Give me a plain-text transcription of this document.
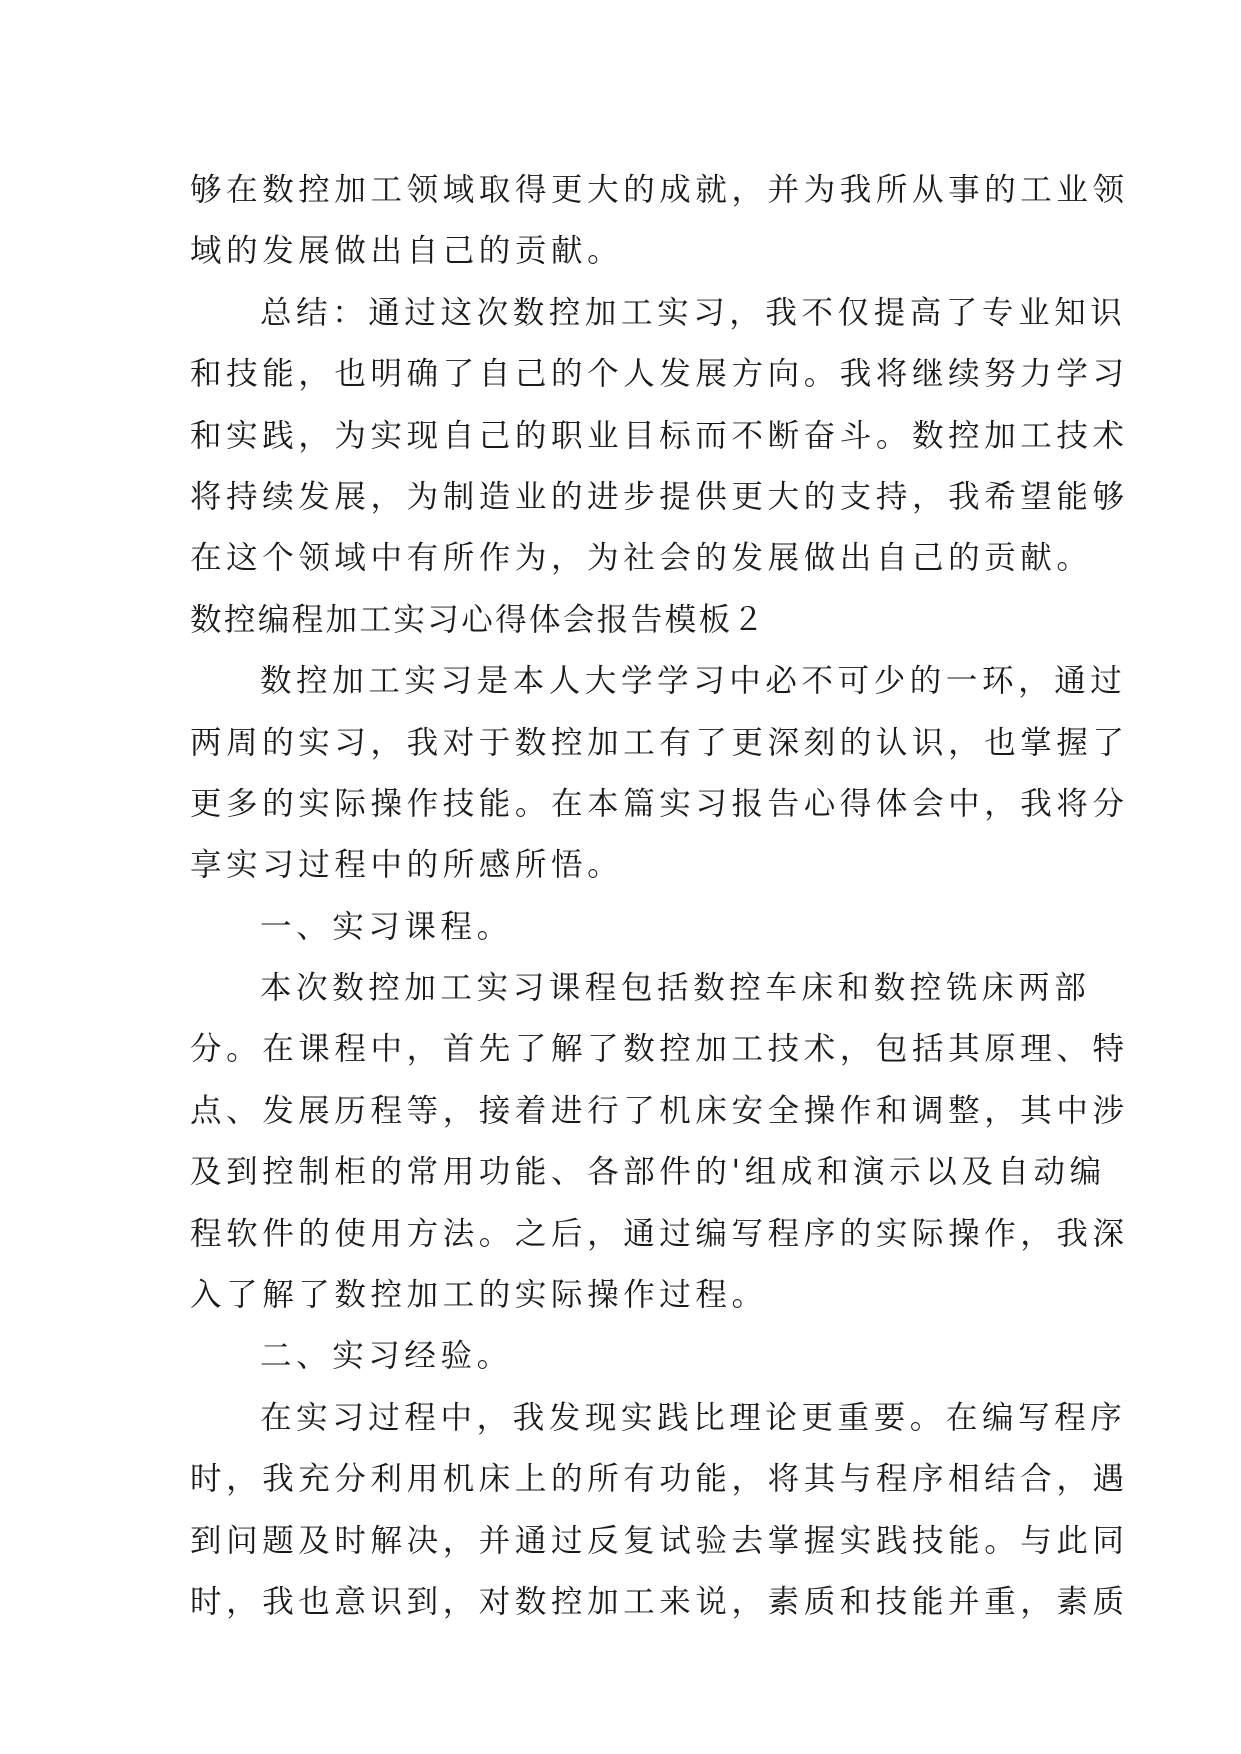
够在数控加工领域取得更大的成就，并为我所从事的工业领
域的发展做出自己的贡献。
总结：通过这次数控加工实习，我不仅提高了专业知识
和技能，也明确了自己的个人发展方向。我将继续努力学习
和实践，为实现自己的职业目标而不断奋斗。数控加工技术
将持续发展，为制造业的进步提供更大的支持，我希望能够
在这个领域中有所作为，为社会的发展做出自己的贡献。
数控编程加工实习心得体会报告模板２
数控加工实习是本人大学学习中必不可少的一环，通过
两周的实习，我对于数控加工有了更深刻的认识，也掌握了
更多的实际操作技能。在本篇实习报告心得体会中，我将分
享实习过程中的所感所悟。
一、实习课程。
本次数控加工实习课程包括数控车床和数控铣床两部
分。在课程中，首先了解了数控加工技术，包括其原理、特
点、发展历程等，接着进行了机床安全操作和调整，其中涉
及到控制柜的常用功能、各部件的'组成和演示以及自动编
程软件的使用方法。之后，通过编写程序的实际操作，我深
入了解了数控加工的实际操作过程。
二、实习经验。
在实习过程中，我发现实践比理论更重要。在编写程序
时，我充分利用机床上的所有功能，将其与程序相结合，遇
到问题及时解决，并通过反复试验去掌握实践技能。与此同
时，我也意识到，对数控加工来说，素质和技能并重，素质
